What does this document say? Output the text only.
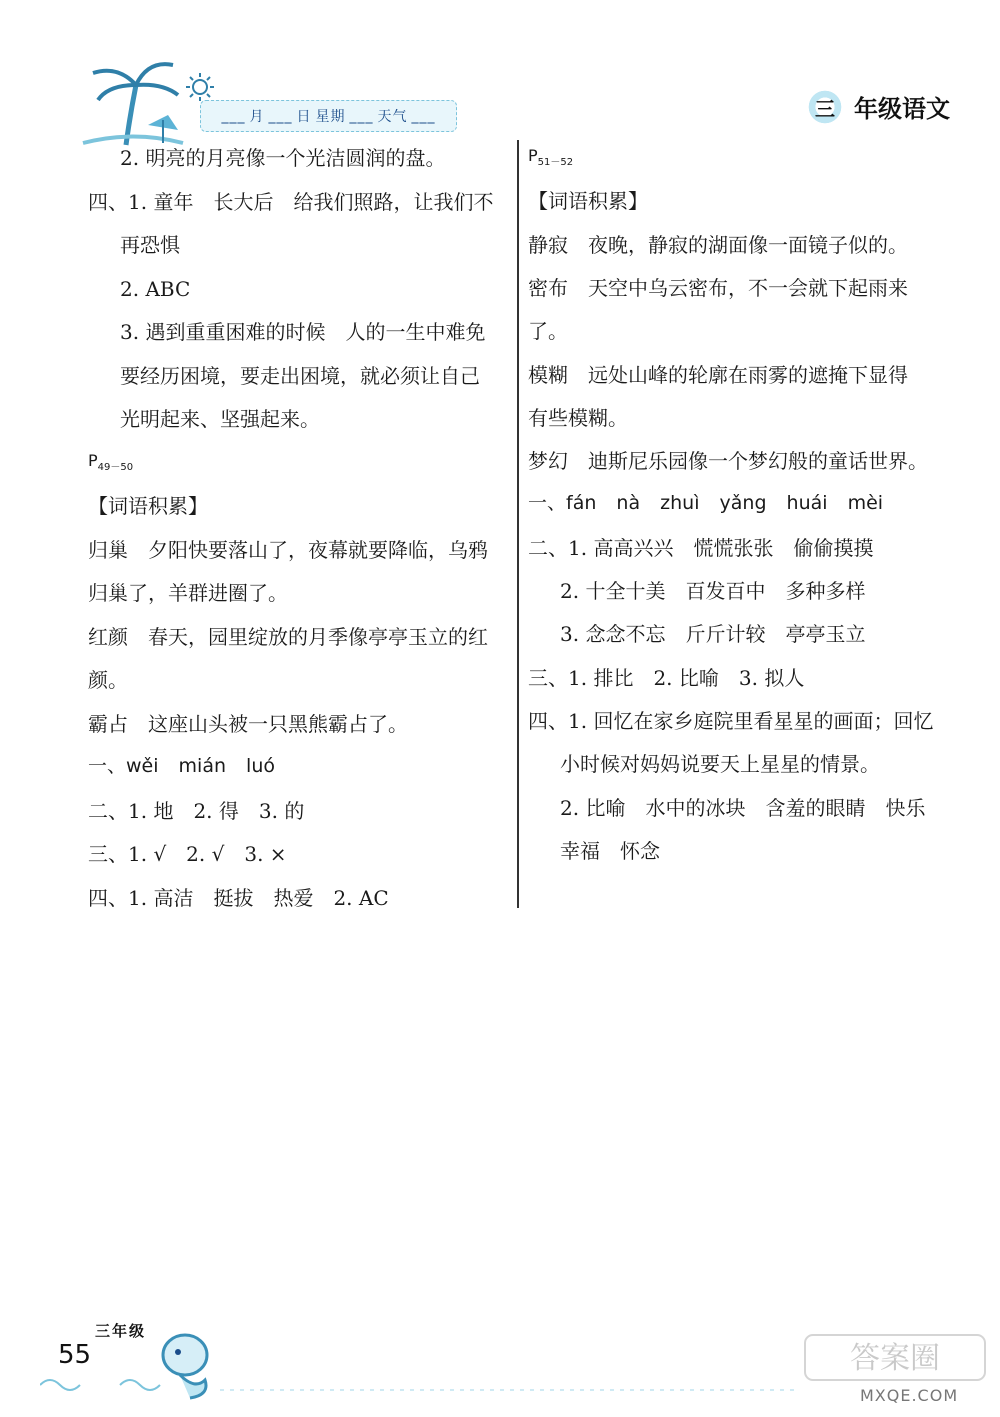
___ 月 ___ 日 星期 ___ 天气 ___	三 年级语文
2. 明亮的月亮像一个光洁圆润的盘。
四、1. 童年　长大后　给我们照路，让我们不
再恐惧
2. ABC
3. 遇到重重困难的时候　人的一生中难免
要经历困境，要走出困境，就必须让自己
光明起来、坚强起来。
$P_{49-50}$
【词语积累】
归巢　夕阳快要落山了，夜幕就要降临，乌鸦
归巢了，羊群进圈了。
红颜　春天，园里绽放的月季像亭亭玉立的红
颜。
霸占　这座山头被一只黑熊霸占了。
一、wěi mián luó
二、1. 地　2. 得　3. 的
三、1. √　2. √　3. ×
四、1. 高洁　挺拔　热爱　2. AC
$P_{51-52}$
【词语积累】
静寂　夜晚，静寂的湖面像一面镜子似的。
密布　天空中乌云密布，不一会就下起雨来
了。
模糊　远处山峰的轮廓在雨雾的遮掩下显得
有些模糊。
梦幻　迪斯尼乐园像一个梦幻般的童话世界。
一、fán nà zhuì yǎng huái mèi
二、1. 高高兴兴　慌慌张张　偷偷摸摸
2. 十全十美　百发百中　多种多样
3. 念念不忘　斤斤计较　亭亭玉立
三、1. 排比　2. 比喻　3. 拟人
四、1. 回忆在家乡庭院里看星星的画面；回忆
小时候对妈妈说要天上星星的情景。
2. 比喻　水中的冰块　含羞的眼睛　快乐
幸福　怀念
三年级
55	答案圈
MXQE.COM
